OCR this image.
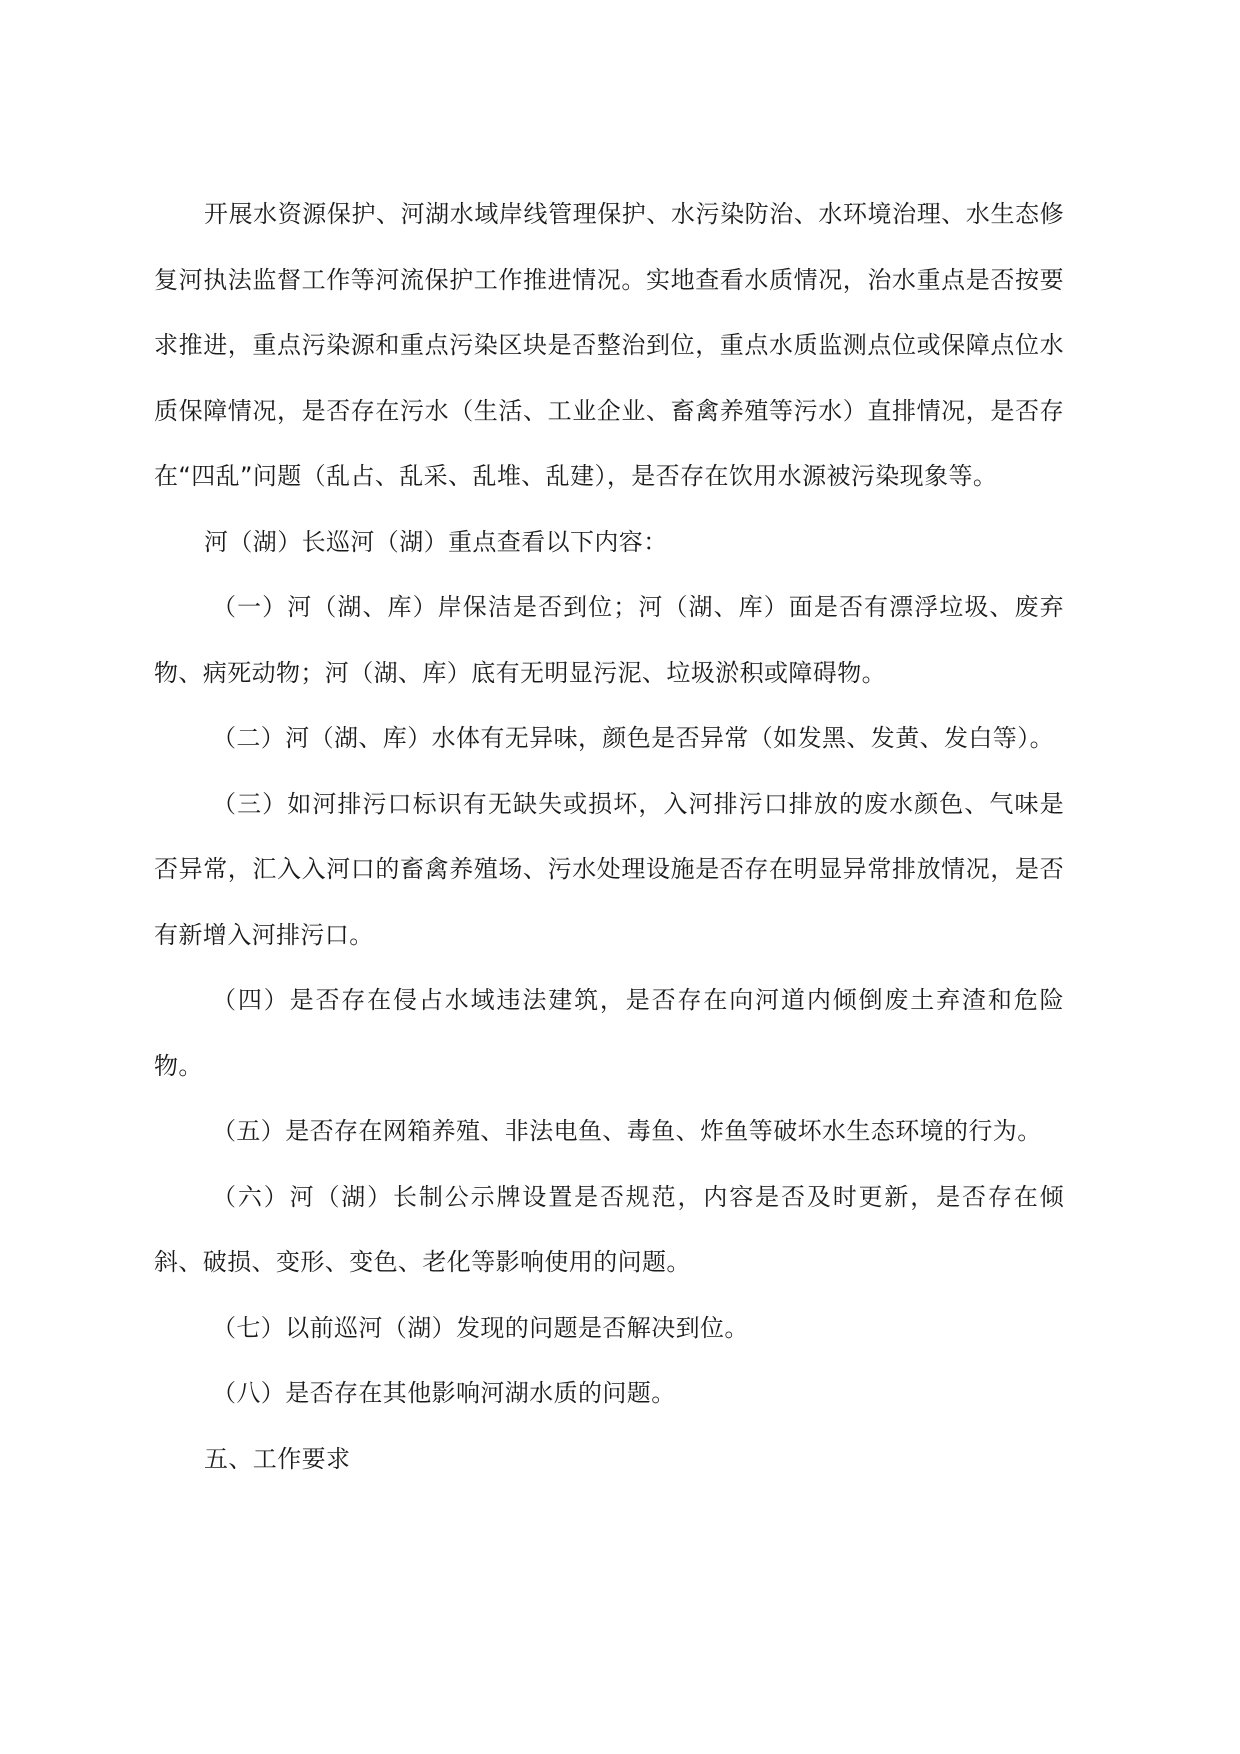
开展水资源保护、河湖水域岸线管理保护、水污染防治、水环境治理、水生态修复河执法监督工作等河流保护工作推进情况。实地查看水质情况，治水重点是否按要求推进，重点污染源和重点污染区块是否整治到位，重点水质监测点位或保障点位水质保障情况，是否存在污水（生活、工业企业、畜禽养殖等污水）直排情况，是否存在“四乱”问题（乱占、乱采、乱堆、乱建），是否存在饮用水源被污染现象等。

河（湖）长巡河（湖）重点查看以下内容：

（一）河（湖、库）岸保洁是否到位；河（湖、库）面是否有漂浮垃圾、废弃物、病死动物；河（湖、库）底有无明显污泥、垃圾淤积或障碍物。

（二）河（湖、库）水体有无异味，颜色是否异常（如发黑、发黄、发白等）。

（三）如河排污口标识有无缺失或损坏，入河排污口排放的废水颜色、气味是否异常，汇入入河口的畜禽养殖场、污水处理设施是否存在明显异常排放情况，是否有新增入河排污口。

（四）是否存在侵占水域违法建筑，是否存在向河道内倾倒废土弃渣和危险物。

（五）是否存在网箱养殖、非法电鱼、毒鱼、炸鱼等破坏水生态环境的行为。

（六）河（湖）长制公示牌设置是否规范，内容是否及时更新，是否存在倾斜、破损、变形、变色、老化等影响使用的问题。

（七）以前巡河（湖）发现的问题是否解决到位。

（八）是否存在其他影响河湖水质的问题。

五、工作要求
